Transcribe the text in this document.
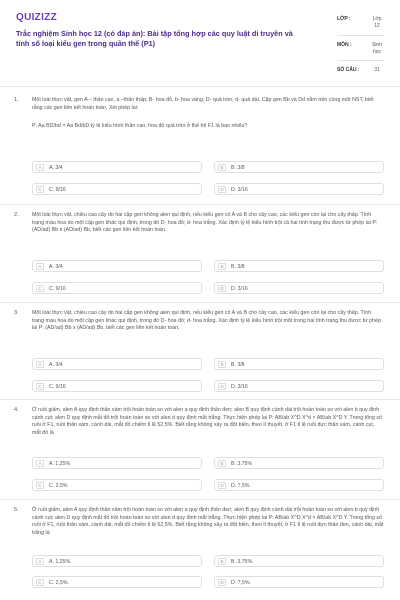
QUIZIZZ
Trắc nghiệm Sinh học 12 (có đáp án): Bài tập tổng hợp các quy luật di truyền và tính số loại kiểu gen trong quần thể (P1)
LỚP :	Lớp 12
MÔN :	Sinh học
SỐ CÂU :	31
1.	Một loài thực vật, gen A – thân cao, a –thân thấp; B- hoa đỏ, b- hoa vàng; D- quả tròn, d- quả dài. Cặp gen Bb và Dd nằm trên cùng một NST, biết rằng các gen liên kết hoàn toàn. Xét phép lai:
P: Aa BD/bd × Aa Bd/bD tỷ lệ kiểu hình thân cao, hoa đỏ quả tròn ở thế hệ F1 là bao nhiêu?
A	A. 3/4	B	B. 3/8
C	C. 9/16	D	D. 3/16
2.	Một loài thực vật, chiều cao cây do hai cặp gen không alen qui định, nếu kiểu gen có A và B cho cây cao, các kiểu gen còn lại cho cây thấp. Tính trạng màu hoa do một cặp gen khác qui định, trong đó D- hoa đỏ; d- hoa trắng. Xác định tỷ lệ kiểu hình trội cả hai tính trạng thu được từ phép lai P: (AD/ad) Bb x (AD/ad) Bb, biết các gen liên kết hoàn toàn.
A	A. 3/4	B	B. 3/8
C	C. 9/16	D	D. 3/16
3.	Một loài thực vật, chiều cao cây do hai cặp gen không alen qui định, nếu kiểu gen có A và B cho cây cao, các kiểu gen còn lại cho cây thấp. Tính trạng màu hoa do một cặp gen khác qui định, trong đó D- hoa đỏ; d- hoa trắng. Xác định tỷ lệ kiểu hình trội một trong hai tính trạng thu được từ phép lai P: (AD/ad) Bb x (AD/ad) Bb, biết các gen liên kết hoàn toàn.
A	A. 3/4	B	B. 3/8
C	C. 9/16	D	D. 3/16
4.	Ở ruồi giấm, alen A quy định thân xám trội hoàn toàn so với alen a quy định thân đen; alen B quy định cánh dài trội hoàn toàn so với alen b quy định cánh cụt; alen D quy định mắt đỏ trội hoàn toàn so với alen d quy định mắt trắng. Thực hiện phép lai P: AB/ab X^D X^d × AB/ab X^D Y. Trong tổng số ruồi ở F1, ruồi thân xám, cánh dài, mắt đỏ chiếm tỉ lệ 52,5%. Biết rằng không xảy ra đột biến, theo lí thuyết, ở F1 tỉ lệ ruồi đực thân xám, cánh cụt, mắt đỏ là
A	A. 1,25%	B	B. 3,75%
C	C. 2,5%	D	D. 7,5%
5.	Ở ruồi giấm, alen A quy định thân xám trội hoàn toàn so với alen a quy định thân đen; alen B quy định cánh dài trội hoàn toàn so với alen b quy định cánh cụt; alen D quy định mắt đỏ trội hoàn toàn so với alen d quy định mắt trắng. Thực hiện phép lai P: AB/ab X^D X^d × AB/ab X^D Y. Trong tổng số ruồi ở F1, ruồi thân xám, cánh dài, mắt đỏ chiếm tỉ lệ 52,5%. Biết rằng không xảy ra đột biến, theo lí thuyết, ở F1 tỉ lệ ruồi đực thân đen, cánh dài, mắt trắng là
A	A. 1,25%.	B	B. 3,75%.
C	C. 2,5%.	D	D. 7,5%.
